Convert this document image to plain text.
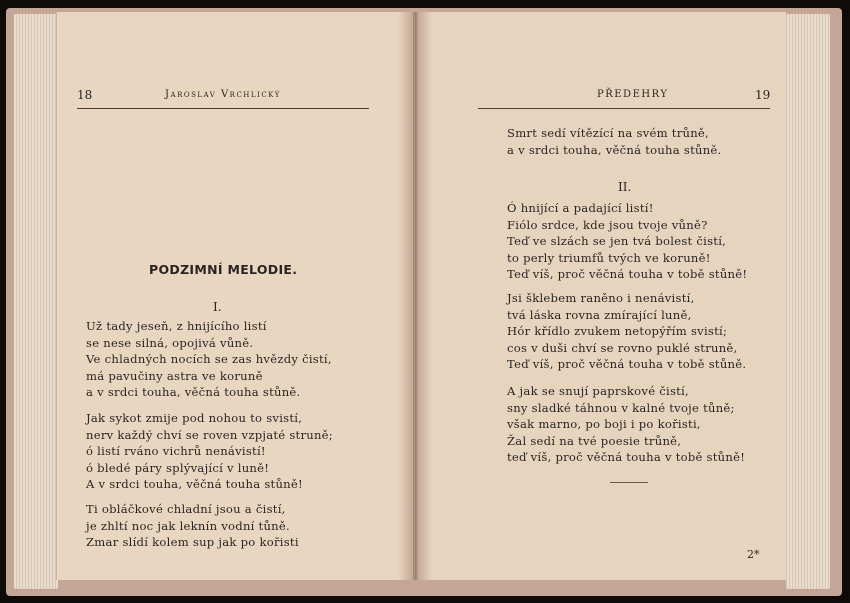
18	Jaroslav Vrchlický
PODZIMNÍ MELODIE.
I.
Už tady jeseň, z hnijícího listí
se nese silná, opojivá vůně.
Ve chladných nocích se zas hvězdy čistí,
má pavučiny astra ve koruně
a v srdci touha, věčná touha stůně.
Jak sykot zmije pod nohou to svistí,
nerv každý chví se roven vzpjaté struně;
ó listí rváno vichrů nenávistí!
ó bledé páry splývající v luně!
A v srdci touha, věčná touha stůně!
Ti obláčkové chladní jsou a čistí,
je zhltí noc jak leknín vodní tůně.
Zmar slídí kolem sup jak po kořisti
PŘEDEHRY	19
Smrt sedí vítězící na svém trůně,
a v srdci touha, věčná touha stůně.
II.
Ó hnijící a padající listí!
Fiólo srdce, kde jsou tvoje vůně?
Teď ve slzách se jen tvá bolest čistí,
to perly triumfů tvých ve koruně!
Teď víš, proč věčná touha v tobě stůně!
Jsi šklebem raněno i nenávistí,
tvá láska rovna zmírající luně,
Hór křídlo zvukem netopýřím svistí;
cos v duši chví se rovno puklé struně,
Teď víš, proč věčná touha v tobě stůně.
A jak se snují paprskové čistí,
sny sladké táhnou v kalné tvoje tůně;
však marno, po boji i po kořisti,
Žal sedí na tvé poesie trůně,
teď víš, proč věčná touha v tobě stůně!
2*
